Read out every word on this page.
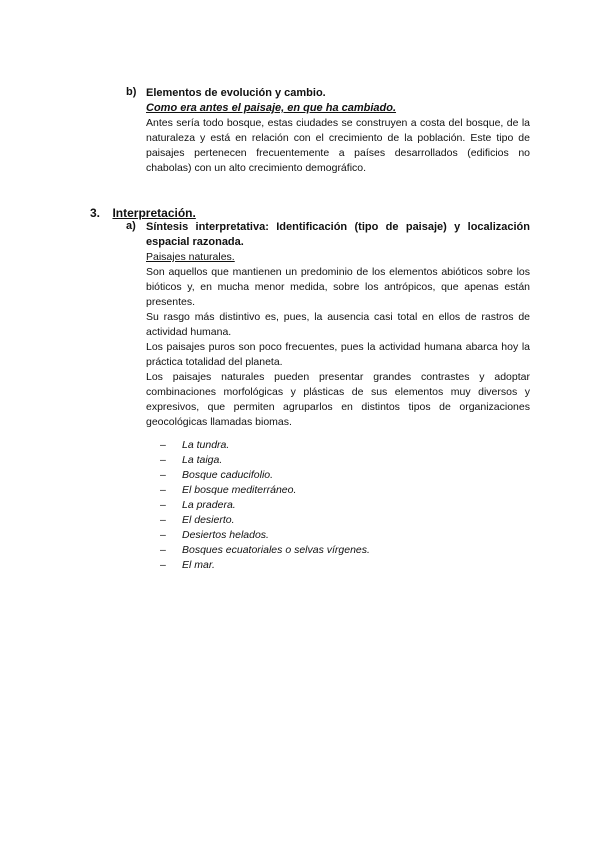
b) Elementos de evolución y cambio.
Como era antes el paisaje, en que ha cambiado.

Antes sería todo bosque, estas ciudades se construyen a costa del bosque, de la naturaleza y está en relación con el crecimiento de la población. Este tipo de paisajes pertenecen frecuentemente a países desarrollados (edificios no chabolas) con un alto crecimiento demográfico.

3. Interpretación.
a) Síntesis interpretativa: Identificación (tipo de paisaje) y localización espacial razonada.
Paisajes naturales.

Son aquellos que mantienen un predominio de los elementos abióticos sobre los bióticos y, en mucha menor medida, sobre los antrópicos, que apenas están presentes.

Su rasgo más distintivo es, pues, la ausencia casi total en ellos de rastros de actividad humana.

Los paisajes puros son poco frecuentes, pues la actividad humana abarca hoy la práctica totalidad del planeta.

Los paisajes naturales pueden presentar grandes contrastes y adoptar combinaciones morfológicas y plásticas de sus elementos muy diversos y expresivos, que permiten agruparlos en distintos tipos de organizaciones geocológicas llamadas biomas.

–	La tundra.
–	La taiga.
–	Bosque caducifolio.
–	El bosque mediterráneo.
–	La pradera.
–	El desierto.
–	Desiertos helados.
–	Bosques ecuatoriales o selvas vírgenes.
–	El mar.
